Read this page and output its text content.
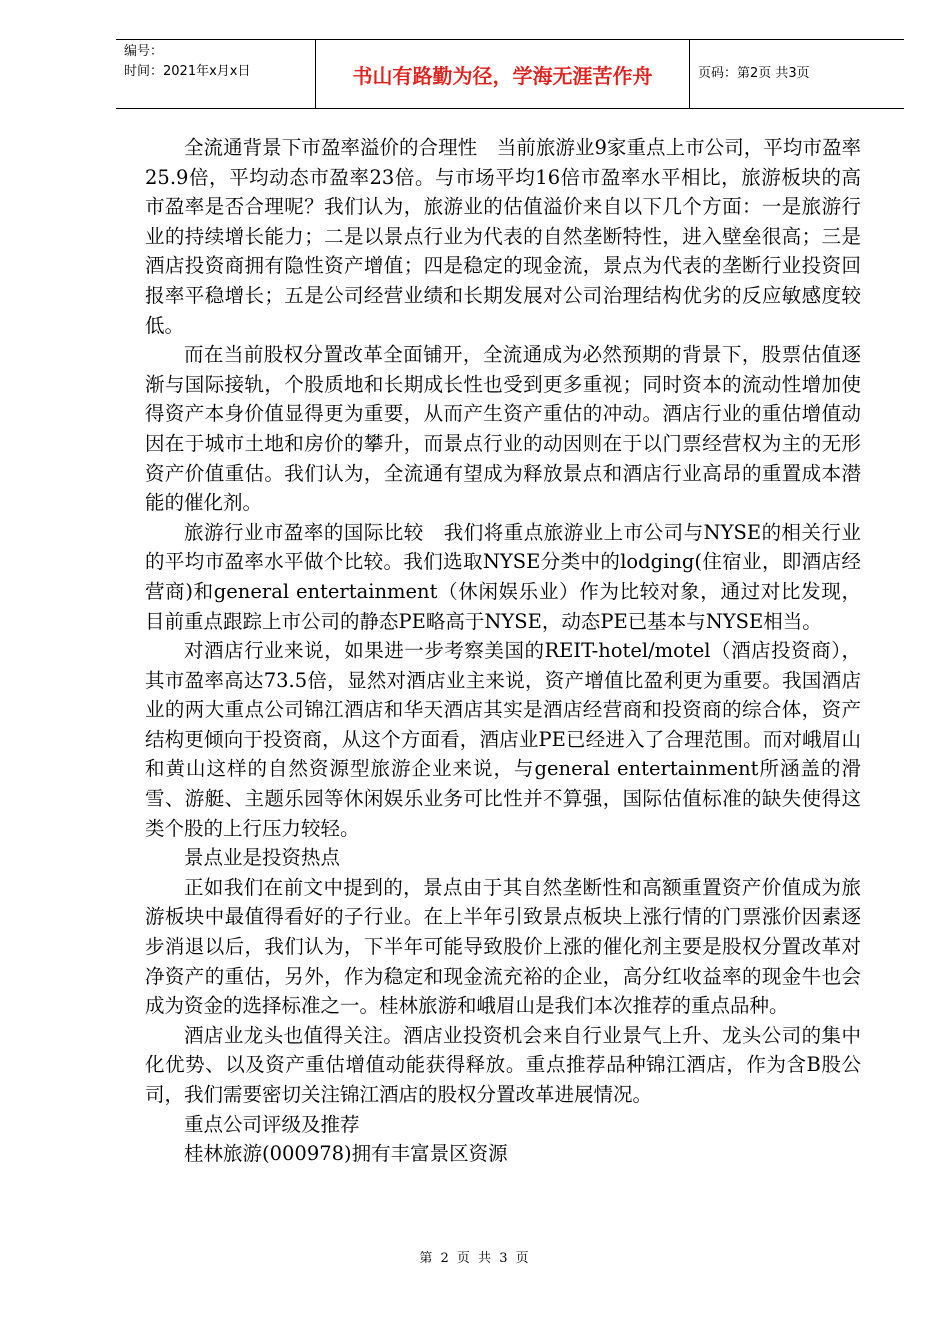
编号：
时间：2021年x月x日	书山有路勤为径，学海无涯苦作舟	页码：第2页 共3页

全流通背景下市盈率溢价的合理性　当前旅游业9家重点上市公司，平均市盈率25.9倍，平均动态市盈率23倍。与市场平均16倍市盈率水平相比，旅游板块的高市盈率是否合理呢？我们认为，旅游业的估值溢价来自以下几个方面：一是旅游行业的持续增长能力；二是以景点行业为代表的自然垄断特性，进入壁垒很高；三是酒店投资商拥有隐性资产增值；四是稳定的现金流，景点为代表的垄断行业投资回报率平稳增长；五是公司经营业绩和长期发展对公司治理结构优劣的反应敏感度较低。

而在当前股权分置改革全面铺开，全流通成为必然预期的背景下，股票估值逐渐与国际接轨，个股质地和长期成长性也受到更多重视；同时资本的流动性增加使得资产本身价值显得更为重要，从而产生资产重估的冲动。酒店行业的重估增值动因在于城市土地和房价的攀升，而景点行业的动因则在于以门票经营权为主的无形资产价值重估。我们认为，全流通有望成为释放景点和酒店行业高昂的重置成本潜能的催化剂。

旅游行业市盈率的国际比较　我们将重点旅游业上市公司与NYSE的相关行业的平均市盈率水平做个比较。我们选取NYSE分类中的lodging(住宿业，即酒店经营商)和general entertainment（休闲娱乐业）作为比较对象，通过对比发现，目前重点跟踪上市公司的静态PE略高于NYSE，动态PE已基本与NYSE相当。

对酒店行业来说，如果进一步考察美国的REIT-hotel/motel（酒店投资商），其市盈率高达73.5倍，显然对酒店业主来说，资产增值比盈利更为重要。我国酒店业的两大重点公司锦江酒店和华天酒店其实是酒店经营商和投资商的综合体，资产结构更倾向于投资商，从这个方面看，酒店业PE已经进入了合理范围。而对峨眉山和黄山这样的自然资源型旅游企业来说，与general entertainment所涵盖的滑雪、游艇、主题乐园等休闲娱乐业务可比性并不算强，国际估值标准的缺失使得这类个股的上行压力较轻。

景点业是投资热点

正如我们在前文中提到的，景点由于其自然垄断性和高额重置资产价值成为旅游板块中最值得看好的子行业。在上半年引致景点板块上涨行情的门票涨价因素逐步消退以后，我们认为，下半年可能导致股价上涨的催化剂主要是股权分置改革对净资产的重估，另外，作为稳定和现金流充裕的企业，高分红收益率的现金牛也会成为资金的选择标准之一。桂林旅游和峨眉山是我们本次推荐的重点品种。

酒店业龙头也值得关注。酒店业投资机会来自行业景气上升、龙头公司的集中化优势、以及资产重估增值动能获得释放。重点推荐品种锦江酒店，作为含B股公司，我们需要密切关注锦江酒店的股权分置改革进展情况。

重点公司评级及推荐

桂林旅游(000978)拥有丰富景区资源

第 2 页 共 3 页
